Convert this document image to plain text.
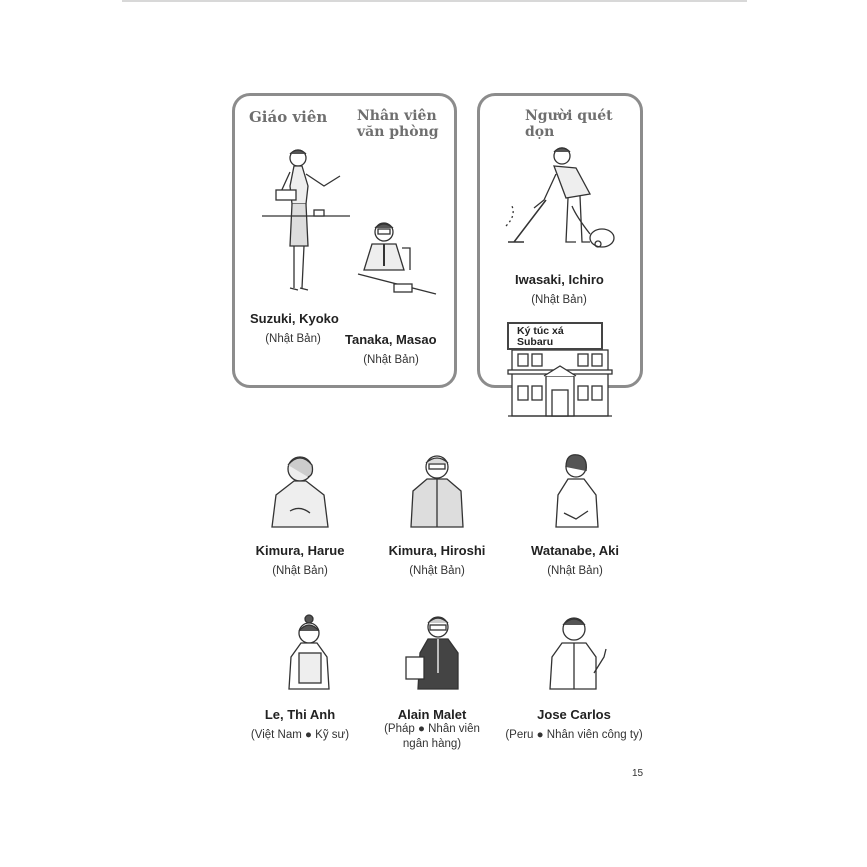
Giáo viên Nhân viên
văn phòng
Suzuki, Kyoko
(Nhật Bản) Tanaka, Masao
(Nhật Bản)
Người quét
dọn
Iwasaki, Ichiro
(Nhật Bản)
Ký túc xá
Subaru
Kimura, Harue
(Nhật Bản)
Kimura, Hiroshi
(Nhật Bản)
Watanabe, Aki
(Nhật Bản)
Le, Thi Anh
(Việt Nam ● Kỹ sư)
Alain Malet
(Pháp ● Nhân viên
ngân hàng)
Jose Carlos
(Peru ● Nhân viên công ty)
15
